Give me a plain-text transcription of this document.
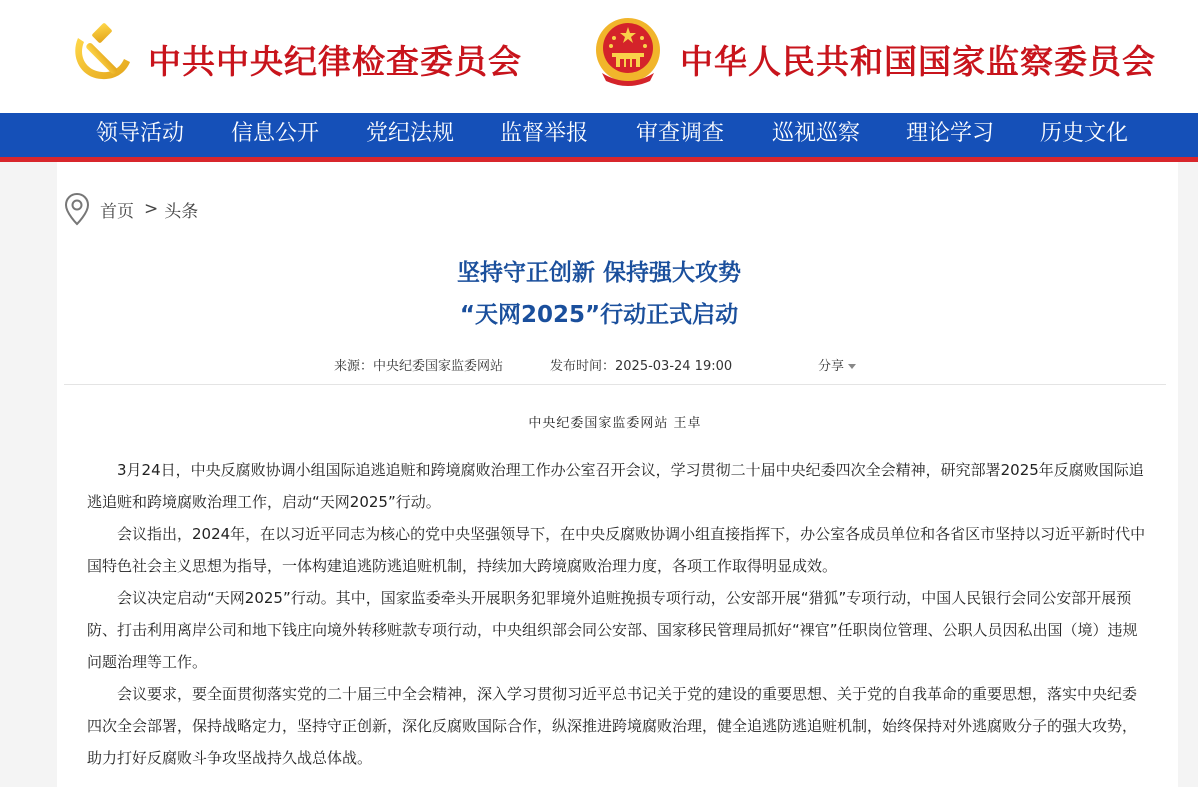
中共中央纪律检查委员会	中华人民共和国国家监察委员会
领导活动 信息公开 党纪法规 监督举报 审查调查 巡视巡察 理论学习 历史文化
首页 > 头条
坚持守正创新 保持强大攻势
“天网2025”行动正式启动
来源：中央纪委国家监委网站	发布时间：2025-03-24 19:00	分享
中央纪委国家监委网站 王卓

3月24日，中央反腐败协调小组国际追逃追赃和跨境腐败治理工作办公室召开会议，学习贯彻二十届中央纪委四次全会精神，研究部署2025年反腐败国际追逃追赃和跨境腐败治理工作，启动“天网2025”行动。

会议指出，2024年，在以习近平同志为核心的党中央坚强领导下，在中央反腐败协调小组直接指挥下，办公室各成员单位和各省区市坚持以习近平新时代中国特色社会主义思想为指导，一体构建追逃防逃追赃机制，持续加大跨境腐败治理力度，各项工作取得明显成效。

会议决定启动“天网2025”行动。其中，国家监委牵头开展职务犯罪境外追赃挽损专项行动，公安部开展“猎狐”专项行动，中国人民银行会同公安部开展预防、打击利用离岸公司和地下钱庄向境外转移赃款专项行动，中央组织部会同公安部、国家移民管理局抓好“裸官”任职岗位管理、公职人员因私出国（境）违规问题治理等工作。

会议要求，要全面贯彻落实党的二十届三中全会精神，深入学习贯彻习近平总书记关于党的建设的重要思想、关于党的自我革命的重要思想，落实中央纪委四次全会部署，保持战略定力，坚持守正创新，深化反腐败国际合作，纵深推进跨境腐败治理，健全追逃防逃追赃机制，始终保持对外逃腐败分子的强大攻势，助力打好反腐败斗争攻坚战持久战总体战。
